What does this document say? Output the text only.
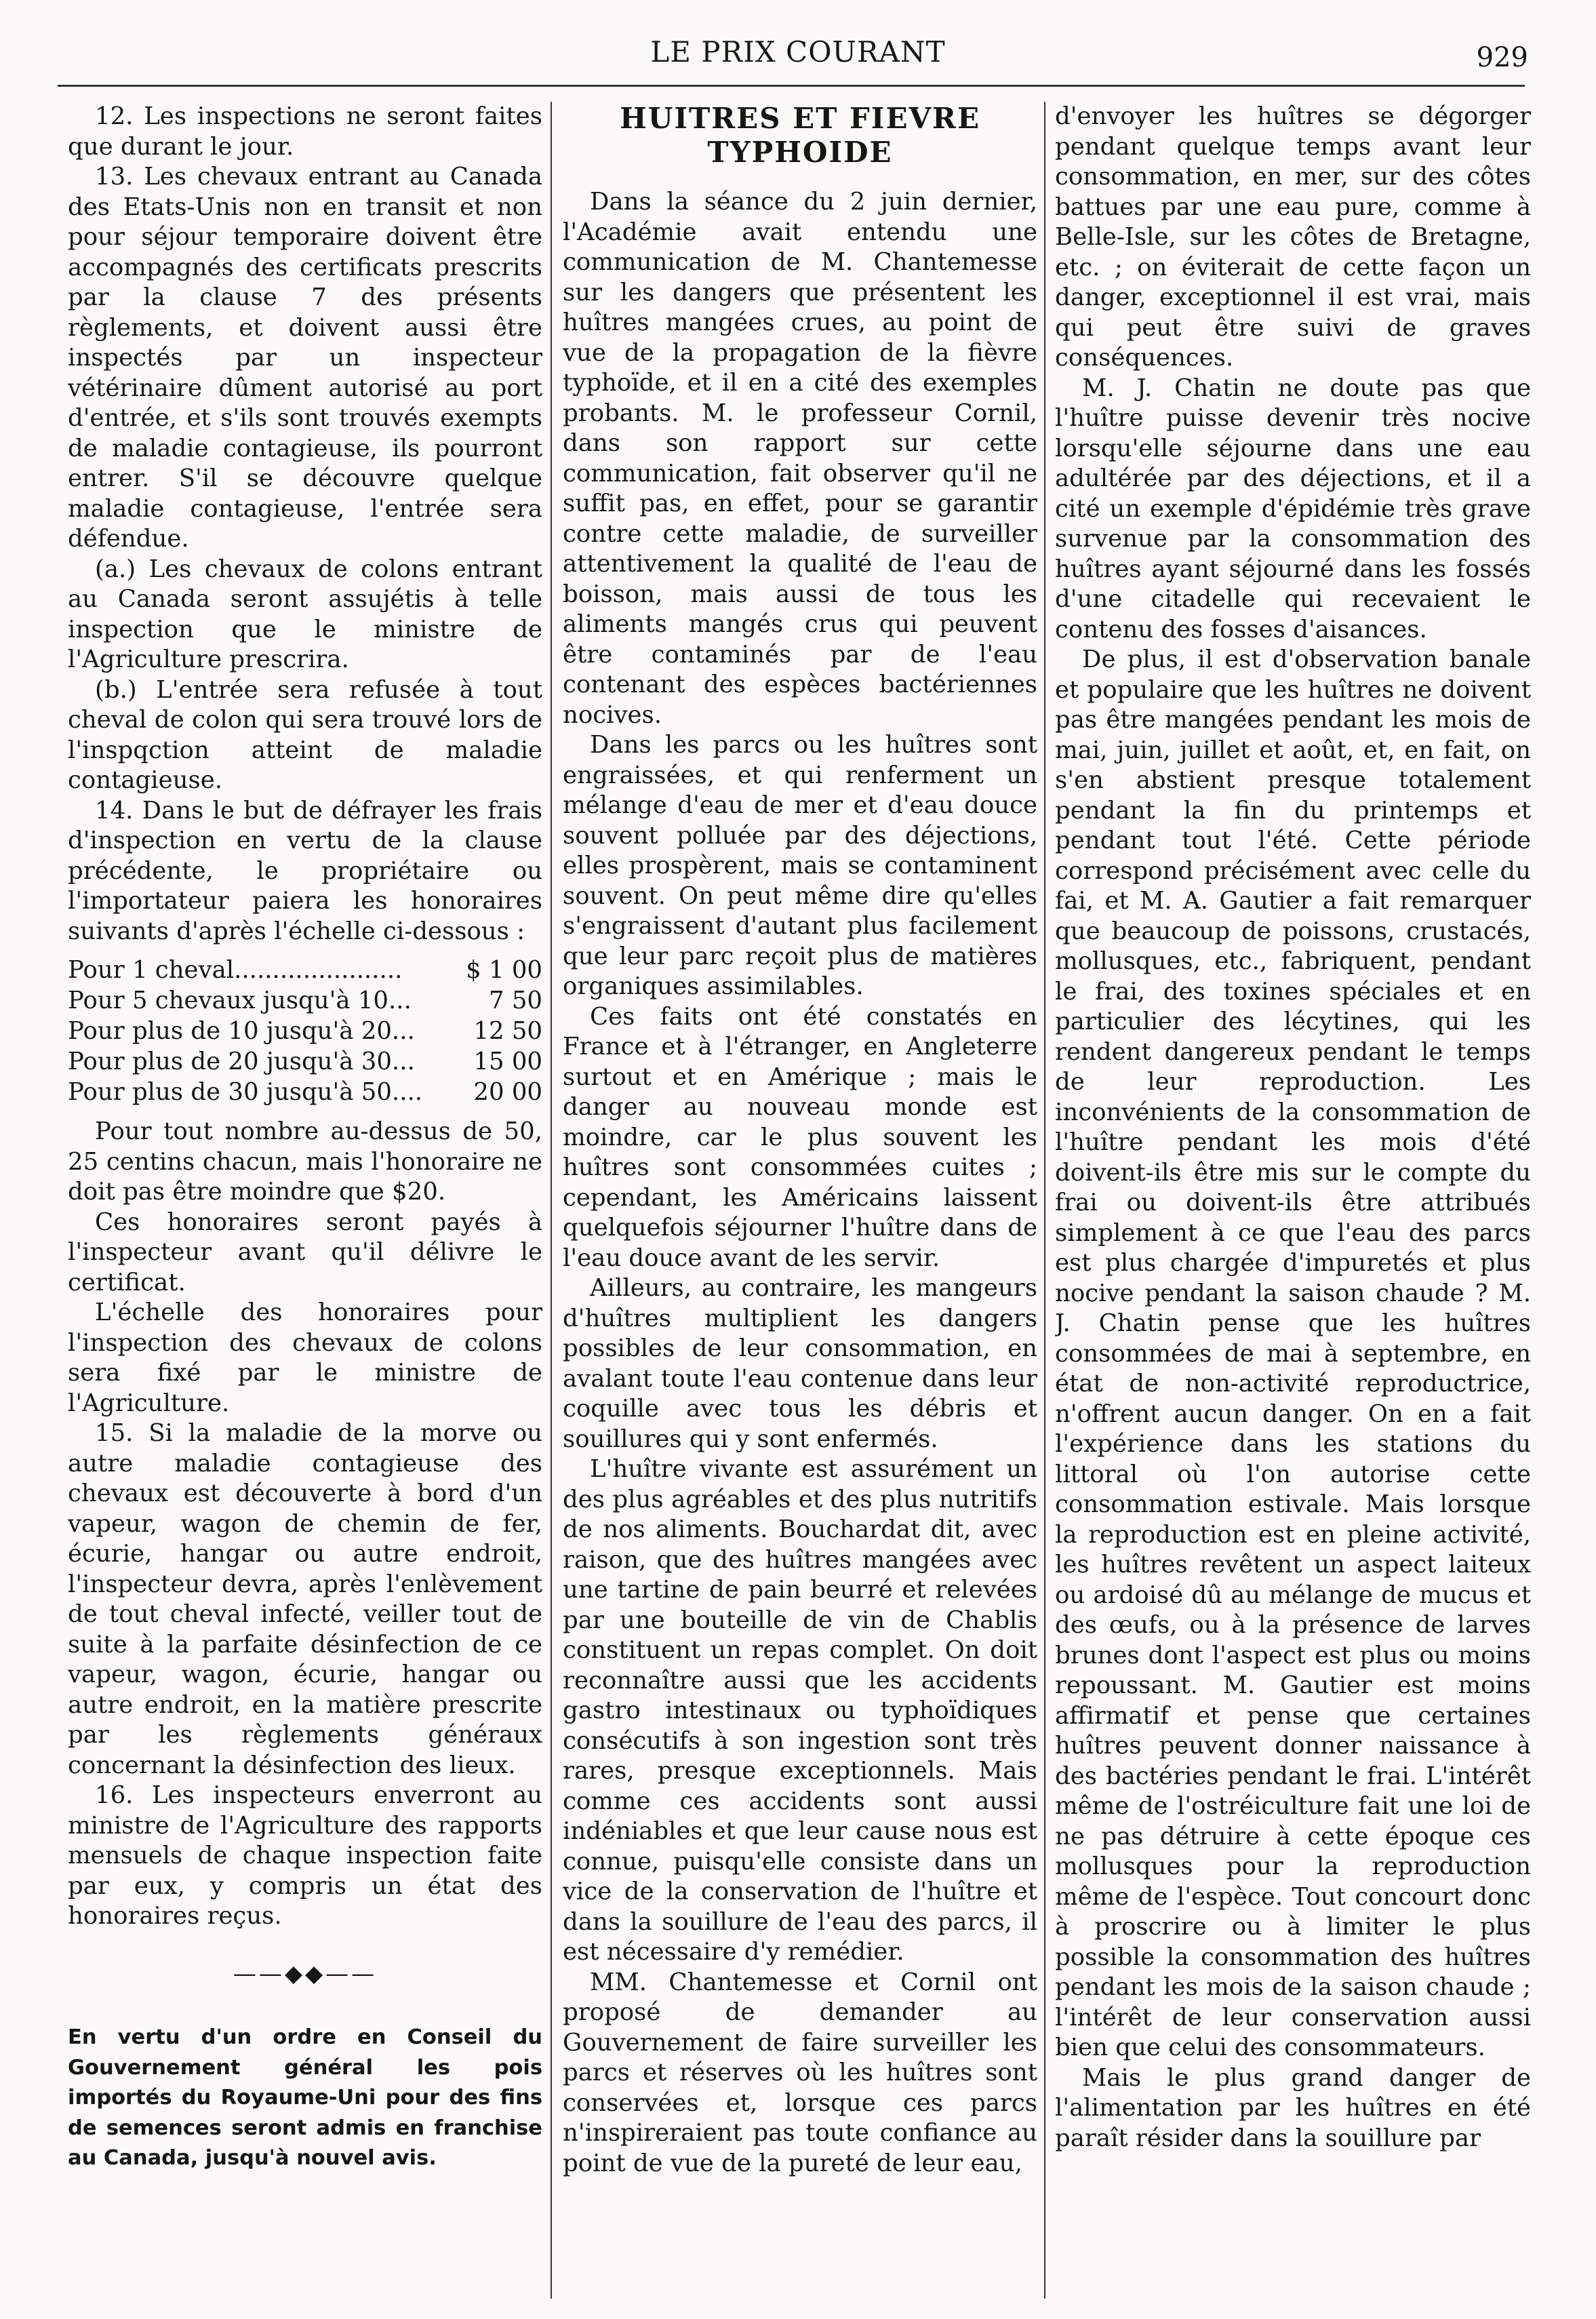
LE PRIX COURANT	929

12. Les inspections ne seront faites que durant le jour.

13. Les chevaux entrant au Canada des Etats-Unis non en transit et non pour séjour temporaire doivent être accompagnés des certificats prescrits par la clause 7 des présents règlements, et doivent aussi être inspectés par un inspecteur vétérinaire dûment autorisé au port d'entrée, et s'ils sont trouvés exempts de maladie contagieuse, ils pourront entrer. S'il se découvre quelque maladie contagieuse, l'entrée sera défendue.

(a.) Les chevaux de colons entrant au Canada seront assujétis à telle inspection que le ministre de l'Agriculture prescrira.

(b.) L'entrée sera refusée à tout cheval de colon qui sera trouvé lors de l'inspqction atteint de maladie contagieuse.

14. Dans le but de défrayer les frais d'inspection en vertu de la clause précédente, le propriétaire ou l'importateur paiera les honoraires suivants d'après l'échelle ci-dessous :

Pour 1 cheval......................	$ 1 00
Pour 5 chevaux jusqu'à 10...	7 50
Pour plus de 10 jusqu'à 20...	12 50
Pour plus de 20 jusqu'à 30...	15 00
Pour plus de 30 jusqu'à 50....	20 00

Pour tout nombre au-dessus de 50, 25 centins chacun, mais l'honoraire ne doit pas être moindre que $20.

Ces honoraires seront payés à l'inspecteur avant qu'il délivre le certificat.

L'échelle des honoraires pour l'inspection des chevaux de colons sera fixé par le ministre de l'Agriculture.

15. Si la maladie de la morve ou autre maladie contagieuse des chevaux est découverte à bord d'un vapeur, wagon de chemin de fer, écurie, hangar ou autre endroit, l'inspecteur devra, après l'enlèvement de tout cheval infecté, veiller tout de suite à la parfaite désinfection de ce vapeur, wagon, écurie, hangar ou autre endroit, en la matière prescrite par les règlements généraux concernant la désinfection des lieux.

16. Les inspecteurs enverront au ministre de l'Agriculture des rapports mensuels de chaque inspection faite par eux, y compris un état des honoraires reçus.

——◆◆——

En vertu d'un ordre en Conseil du Gouvernement général les pois importés du Royaume-Uni pour des fins de semences seront admis en franchise au Canada, jusqu'à nouvel avis.

HUITRES ET FIEVRE
TYPHOIDE

Dans la séance du 2 juin dernier, l'Académie avait entendu une communication de M. Chantemesse sur les dangers que présentent les huîtres mangées crues, au point de vue de la propagation de la fièvre typhoïde, et il en a cité des exemples probants. M. le professeur Cornil, dans son rapport sur cette communication, fait observer qu'il ne suffit pas, en effet, pour se garantir contre cette maladie, de surveiller attentivement la qualité de l'eau de boisson, mais aussi de tous les aliments mangés crus qui peuvent être contaminés par de l'eau contenant des espèces bactériennes nocives.

Dans les parcs ou les huîtres sont engraissées, et qui renferment un mélange d'eau de mer et d'eau douce souvent polluée par des déjections, elles prospèrent, mais se contaminent souvent. On peut même dire qu'elles s'engraissent d'autant plus facilement que leur parc reçoit plus de matières organiques assimilables.

Ces faits ont été constatés en France et à l'étranger, en Angleterre surtout et en Amérique ; mais le danger au nouveau monde est moindre, car le plus souvent les huîtres sont consommées cuites ; cependant, les Américains laissent quelquefois séjourner l'huître dans de l'eau douce avant de les servir.

Ailleurs, au contraire, les mangeurs d'huîtres multiplient les dangers possibles de leur consommation, en avalant toute l'eau contenue dans leur coquille avec tous les débris et souillures qui y sont enfermés.

L'huître vivante est assurément un des plus agréables et des plus nutritifs de nos aliments. Bouchardat dit, avec raison, que des huîtres mangées avec une tartine de pain beurré et relevées par une bouteille de vin de Chablis constituent un repas complet. On doit reconnaître aussi que les accidents gastro intestinaux ou typhoïdiques consécutifs à son ingestion sont très rares, presque exceptionnels. Mais comme ces accidents sont aussi indéniables et que leur cause nous est connue, puisqu'elle consiste dans un vice de la conservation de l'huître et dans la souillure de l'eau des parcs, il est nécessaire d'y remédier.

MM. Chantemesse et Cornil ont proposé de demander au Gouvernement de faire surveiller les parcs et réserves où les huîtres sont conservées et, lorsque ces parcs n'inspireraient pas toute confiance au point de vue de la pureté de leur eau,

d'envoyer les huîtres se dégorger pendant quelque temps avant leur consommation, en mer, sur des côtes battues par une eau pure, comme à Belle-Isle, sur les côtes de Bretagne, etc. ; on éviterait de cette façon un danger, exceptionnel il est vrai, mais qui peut être suivi de graves conséquences.

M. J. Chatin ne doute pas que l'huître puisse devenir très nocive lorsqu'elle séjourne dans une eau adultérée par des déjections, et il a cité un exemple d'épidémie très grave survenue par la consommation des huîtres ayant séjourné dans les fossés d'une citadelle qui recevaient le contenu des fosses d'aisances.

De plus, il est d'observation banale et populaire que les huîtres ne doivent pas être mangées pendant les mois de mai, juin, juillet et août, et, en fait, on s'en abstient presque totalement pendant la fin du printemps et pendant tout l'été. Cette période correspond précisément avec celle du fai, et M. A. Gautier a fait remarquer que beaucoup de poissons, crustacés, mollusques, etc., fabriquent, pendant le frai, des toxines spéciales et en particulier des lécytines, qui les rendent dangereux pendant le temps de leur reproduction. Les inconvénients de la consommation de l'huître pendant les mois d'été doivent-ils être mis sur le compte du frai ou doivent-ils être attribués simplement à ce que l'eau des parcs est plus chargée d'impuretés et plus nocive pendant la saison chaude ? M. J. Chatin pense que les huîtres consommées de mai à septembre, en état de non-activité reproductrice, n'offrent aucun danger. On en a fait l'expérience dans les stations du littoral où l'on autorise cette consommation estivale. Mais lorsque la reproduction est en pleine activité, les huîtres revêtent un aspect laiteux ou ardoisé dû au mélange de mucus et des œufs, ou à la présence de larves brunes dont l'aspect est plus ou moins repoussant. M. Gautier est moins affirmatif et pense que certaines huîtres peuvent donner naissance à des bactéries pendant le frai. L'intérêt même de l'ostréiculture fait une loi de ne pas détruire à cette époque ces mollusques pour la reproduction même de l'espèce. Tout concourt donc à proscrire ou à limiter le plus possible la consommation des huîtres pendant les mois de la saison chaude ; l'intérêt de leur conservation aussi bien que celui des consommateurs.

Mais le plus grand danger de l'alimentation par les huîtres en été paraît résider dans la souillure par
